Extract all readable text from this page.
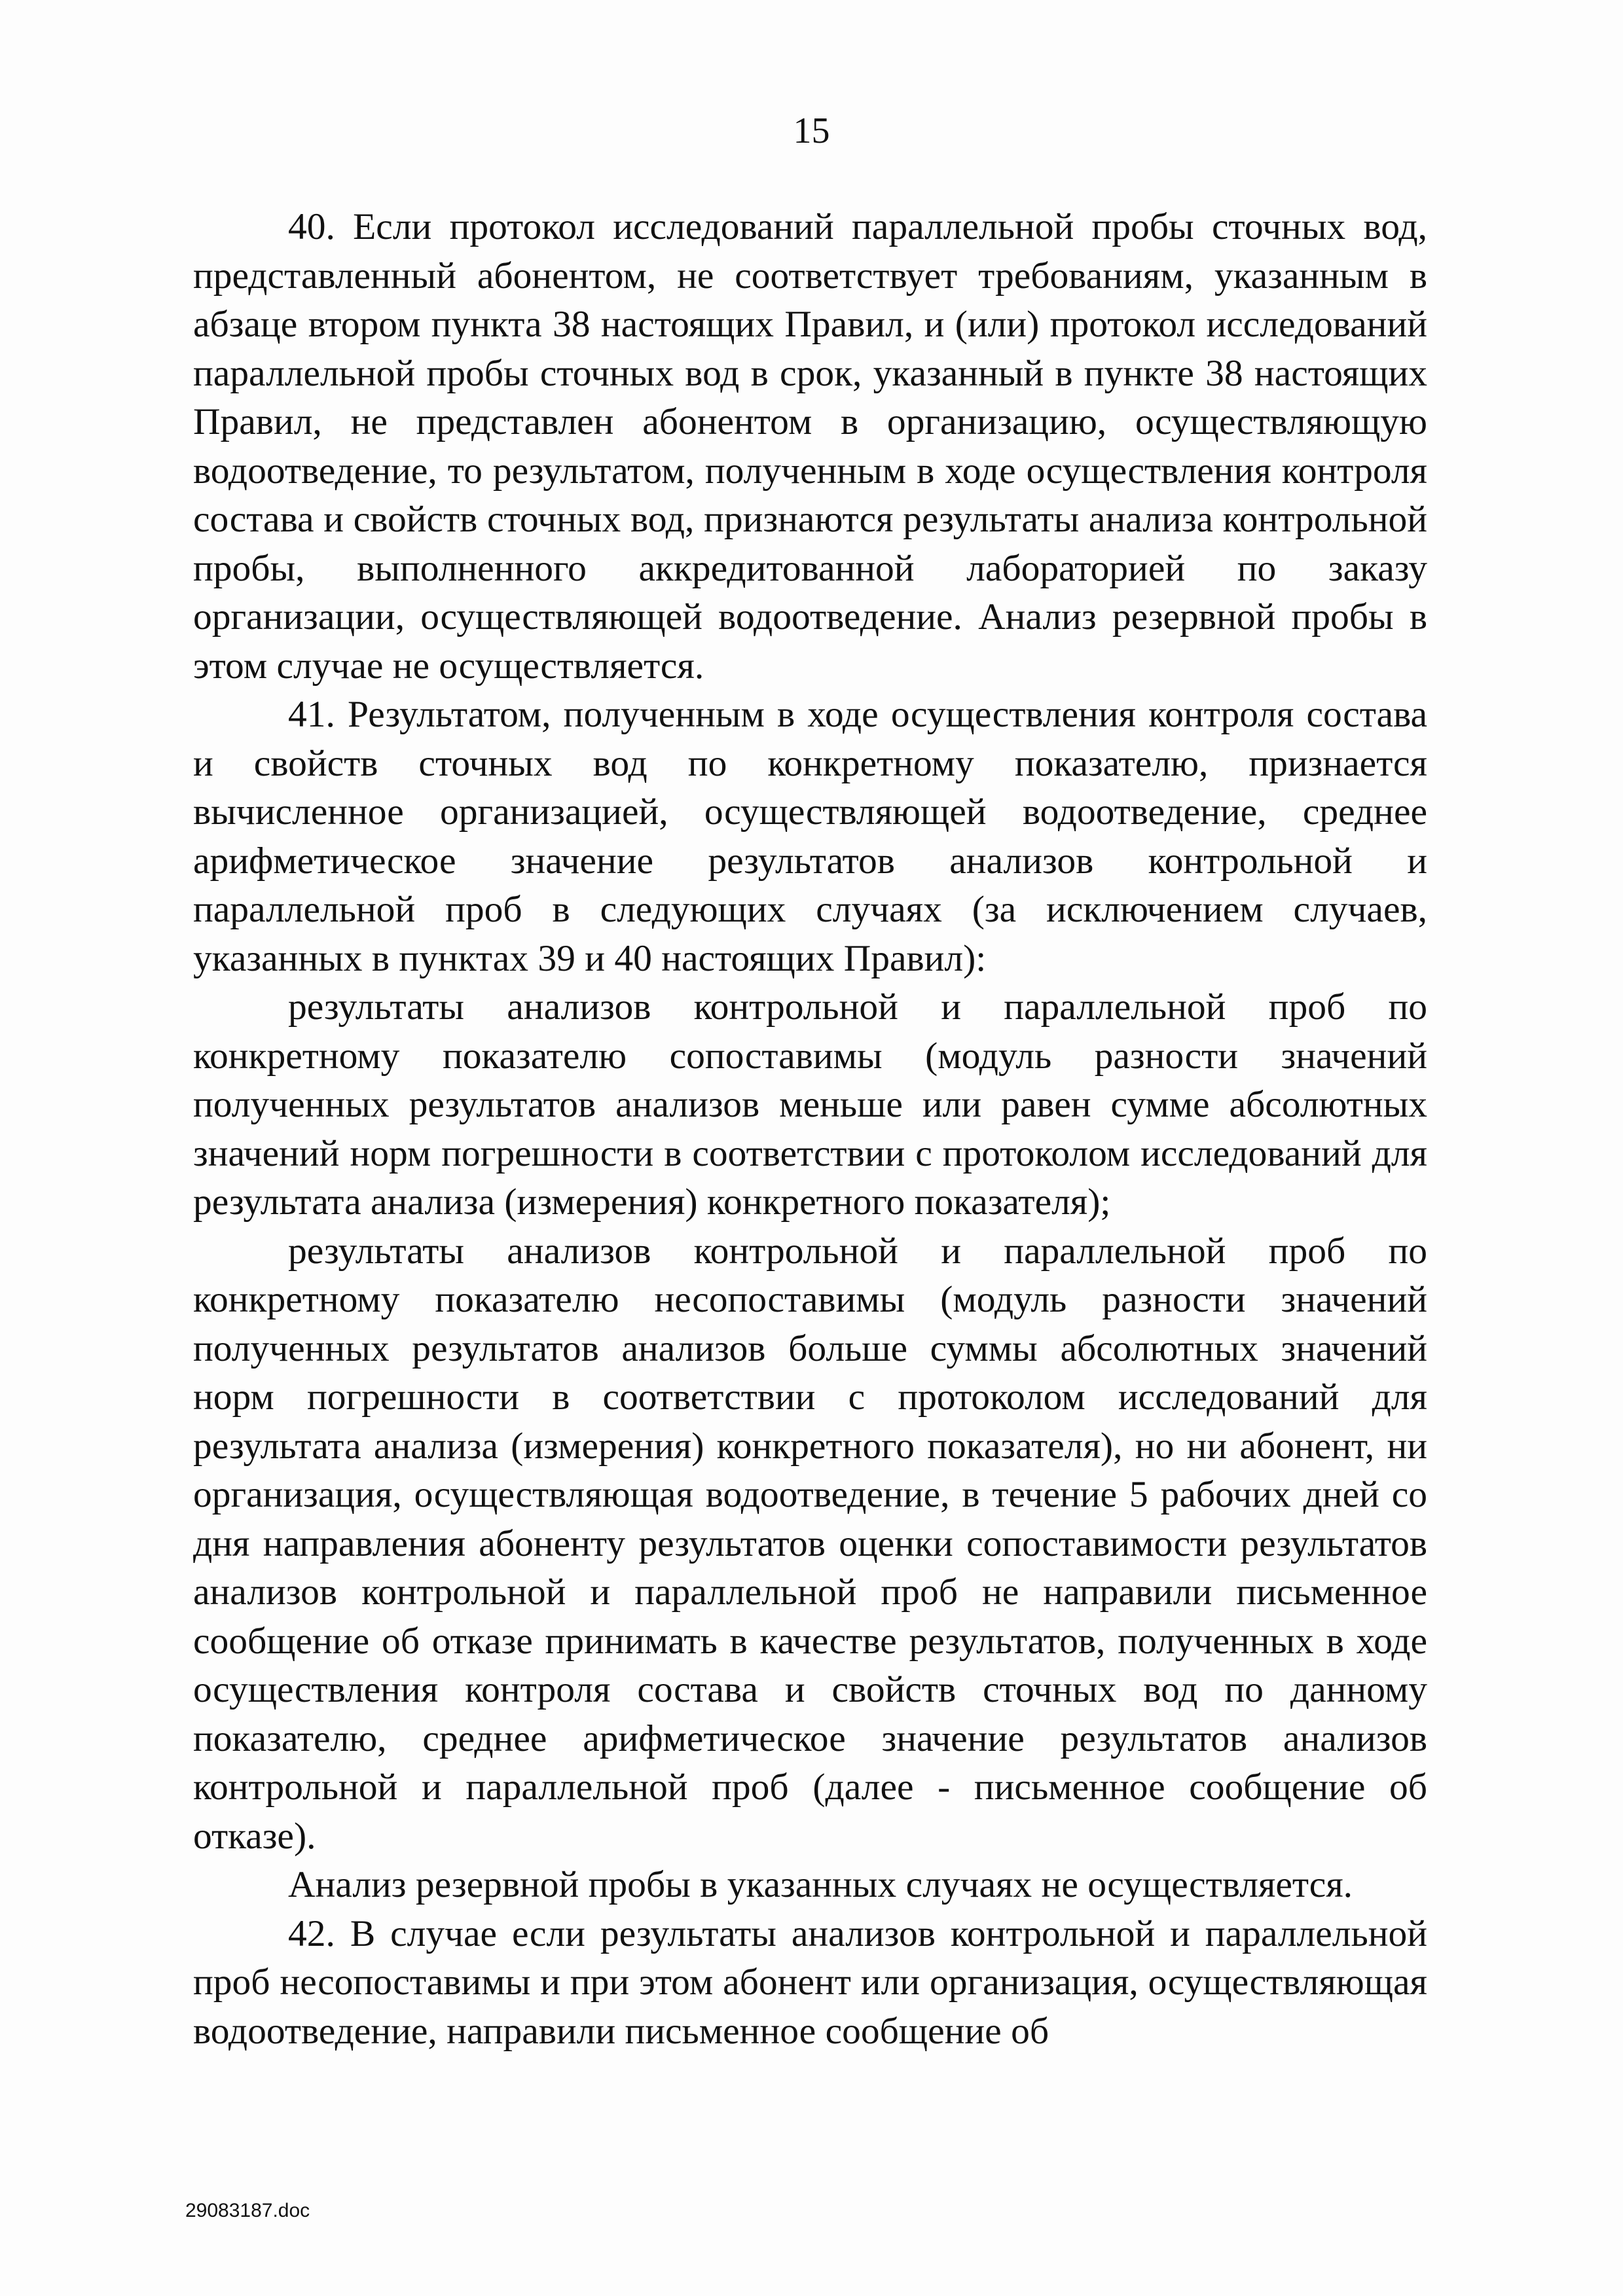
15

40. Если протокол исследований параллельной пробы сточных вод, представленный абонентом, не соответствует требованиям, указанным в абзаце втором пункта 38 настоящих Правил, и (или) протокол исследований параллельной пробы сточных вод в срок, указанный в пункте 38 настоящих Правил, не представлен абонентом в организацию, осуществляющую водоотведение, то результатом, полученным в ходе осуществления контроля состава и свойств сточных вод, признаются результаты анализа контрольной пробы, выполненного аккредитованной лабораторией по заказу организации, осуществляющей водоотведение. Анализ резервной пробы в этом случае не осуществляется.

41. Результатом, полученным в ходе осуществления контроля состава и свойств сточных вод по конкретному показателю, признается вычисленное организацией, осуществляющей водоотведение, среднее арифметическое значение результатов анализов контрольной и параллельной проб в следующих случаях (за исключением случаев, указанных в пунктах 39 и 40 настоящих Правил):

результаты анализов контрольной и параллельной проб по конкретному показателю сопоставимы (модуль разности значений полученных результатов анализов меньше или равен сумме абсолютных значений норм погрешности в соответствии с протоколом исследований для результата анализа (измерения) конкретного показателя);

результаты анализов контрольной и параллельной проб по конкретному показателю несопоставимы (модуль разности значений полученных результатов анализов больше суммы абсолютных значений норм погрешности в соответствии с протоколом исследований для результата анализа (измерения) конкретного показателя), но ни абонент, ни организация, осуществляющая водоотведение, в течение 5 рабочих дней со дня направления абоненту результатов оценки сопоставимости результатов анализов контрольной и параллельной проб не направили письменное сообщение об отказе принимать в качестве результатов, полученных в ходе осуществления контроля состава и свойств сточных вод по данному показателю, среднее арифметическое значение результатов анализов контрольной и параллельной проб (далее - письменное сообщение об отказе).

Анализ резервной пробы в указанных случаях не осуществляется.

42. В случае если результаты анализов контрольной и параллельной проб несопоставимы и при этом абонент или организация, осуществляющая водоотведение, направили письменное сообщение об

29083187.doc
